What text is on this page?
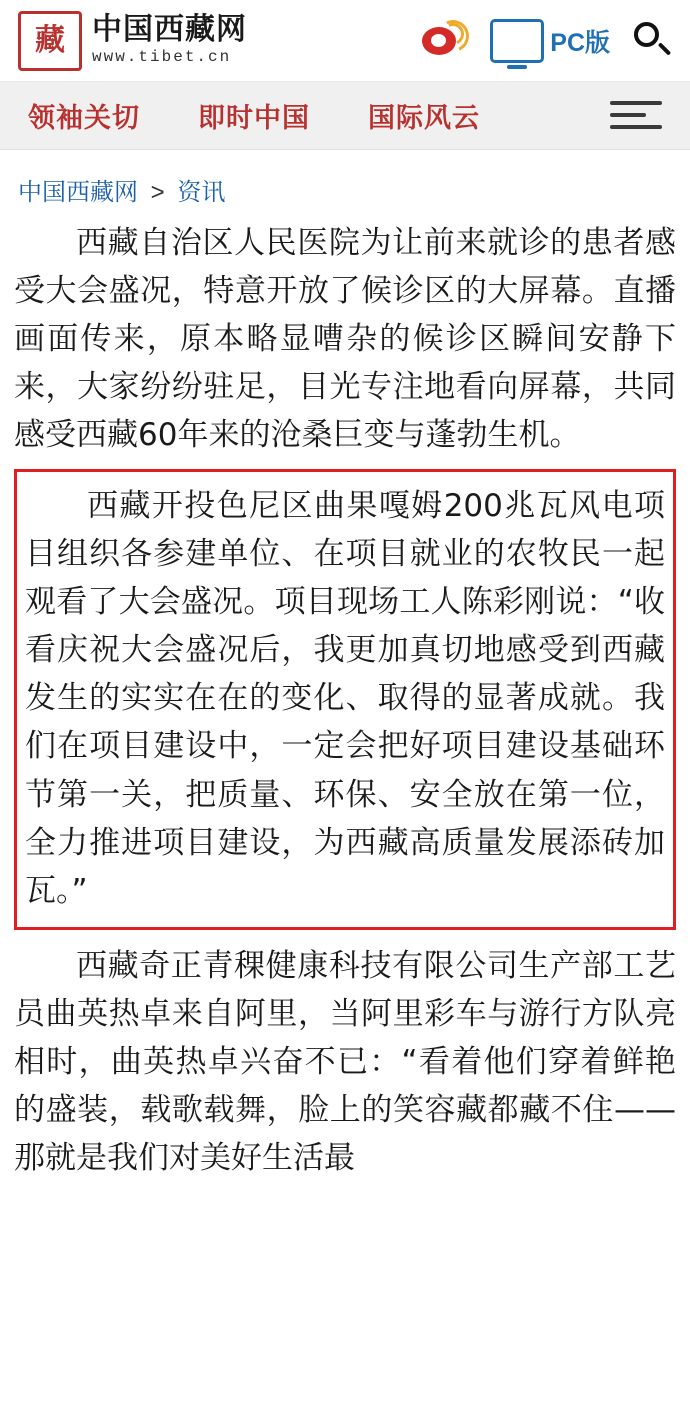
藏 中国西藏网
www.tibet.cn
PC版
领袖关切 即时中国 国际风云
中国西藏网 > 资讯

西藏自治区人民医院为让前来就诊的患者感受大会盛况，特意开放了候诊区的大屏幕。直播画面传来，原本略显嘈杂的候诊区瞬间安静下来，大家纷纷驻足，目光专注地看向屏幕，共同感受西藏60年来的沧桑巨变与蓬勃生机。

西藏开投色尼区曲果嘎姆200兆瓦风电项目组织各参建单位、在项目就业的农牧民一起观看了大会盛况。项目现场工人陈彩刚说：“收看庆祝大会盛况后，我更加真切地感受到西藏发生的实实在在的变化、取得的显著成就。我们在项目建设中，一定会把好项目建设基础环节第一关，把质量、环保、安全放在第一位，全力推进项目建设，为西藏高质量发展添砖加瓦。”

西藏奇正青稞健康科技有限公司生产部工艺员曲英热卓来自阿里，当阿里彩车与游行方队亮相时，曲英热卓兴奋不已：“看着他们穿着鲜艳的盛装，载歌载舞，脸上的笑容藏都藏不住——那就是我们对美好生活最
